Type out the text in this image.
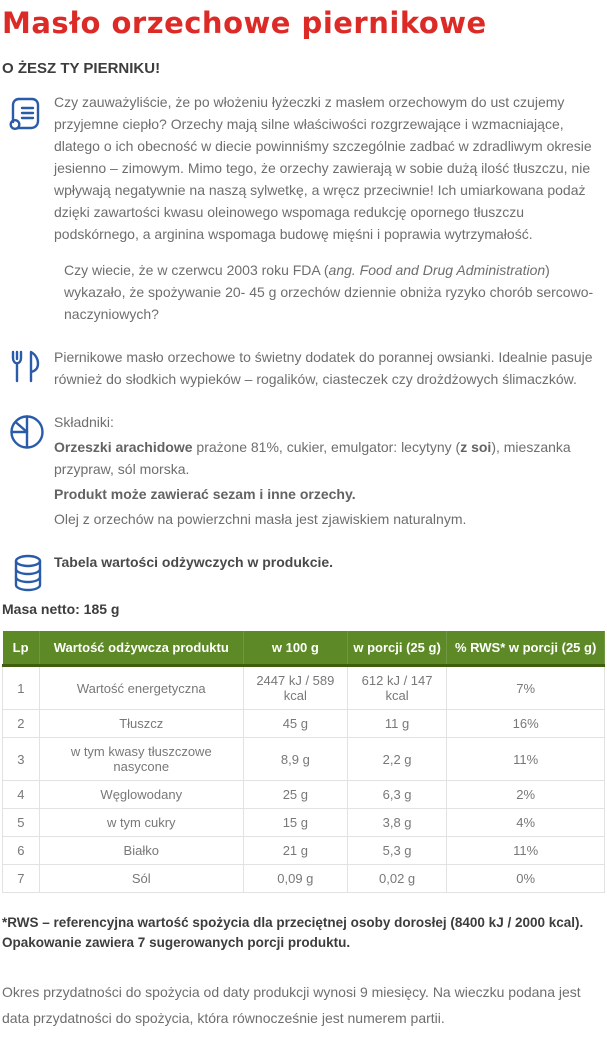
Masło orzechowe piernikowe
O ŻESZ TY PIERNIKU!

Czy zauważyliście, że po włożeniu łyżeczki z masłem orzechowym do ust czujemy przyjemne ciepło? Orzechy mają silne właściwości rozgrzewające i wzmacniające, dlatego o ich obecność w diecie powinniśmy szczególnie zadbać w zdradliwym okresie jesienno – zimowym. Mimo tego, że orzechy zawierają w sobie dużą ilość tłuszczu, nie wpływają negatywnie na naszą sylwetkę, a wręcz przeciwnie! Ich umiarkowana podaż dzięki zawartości kwasu oleinowego wspomaga redukcję opornego tłuszczu podskórnego, a arginina wspomaga budowę mięśni i poprawia wytrzymałość.

Czy wiecie, że w czerwcu 2003 roku FDA (ang. Food and Drug Administration) wykazało, że spożywanie 20- 45 g orzechów dziennie obniża ryzyko chorób sercowo-naczyniowych?

Piernikowe masło orzechowe to świetny dodatek do porannej owsianki. Idealnie pasuje również do słodkich wypieków – rogalików, ciasteczek czy drożdżowych ślimaczków.

Składniki:

Orzeszki arachidowe prażone 81%, cukier, emulgator: lecytyny (z soi), mieszanka przypraw, sól morska.

Produkt może zawierać sezam i inne orzechy.

Olej z orzechów na powierzchni masła jest zjawiskiem naturalnym.

Tabela wartości odżywczych w produkcie.

Masa netto: 185 g

Lp	Wartość odżywcza produktu	w 100 g	w porcji (25 g)	% RWS* w porcji (25 g)
1	Wartość energetyczna	2447 kJ / 589 kcal	612 kJ / 147 kcal	7%
2	Tłuszcz	45 g	11 g	16%
3	w tym kwasy tłuszczowe nasycone	8,9 g	2,2 g	11%
4	Węglowodany	25 g	6,3 g	2%
5	w tym cukry	15 g	3,8 g	4%
6	Białko	21 g	5,3 g	11%
7	Sól	0,09 g	0,02 g	0%

*RWS – referencyjna wartość spożycia dla przeciętnej osoby dorosłej (8400 kJ / 2000 kcal).

Opakowanie zawiera 7 sugerowanych porcji produktu.

Okres przydatności do spożycia od daty produkcji wynosi 9 miesięcy. Na wieczku podana jest data przydatności do spożycia, która równocześnie jest numerem partii.
